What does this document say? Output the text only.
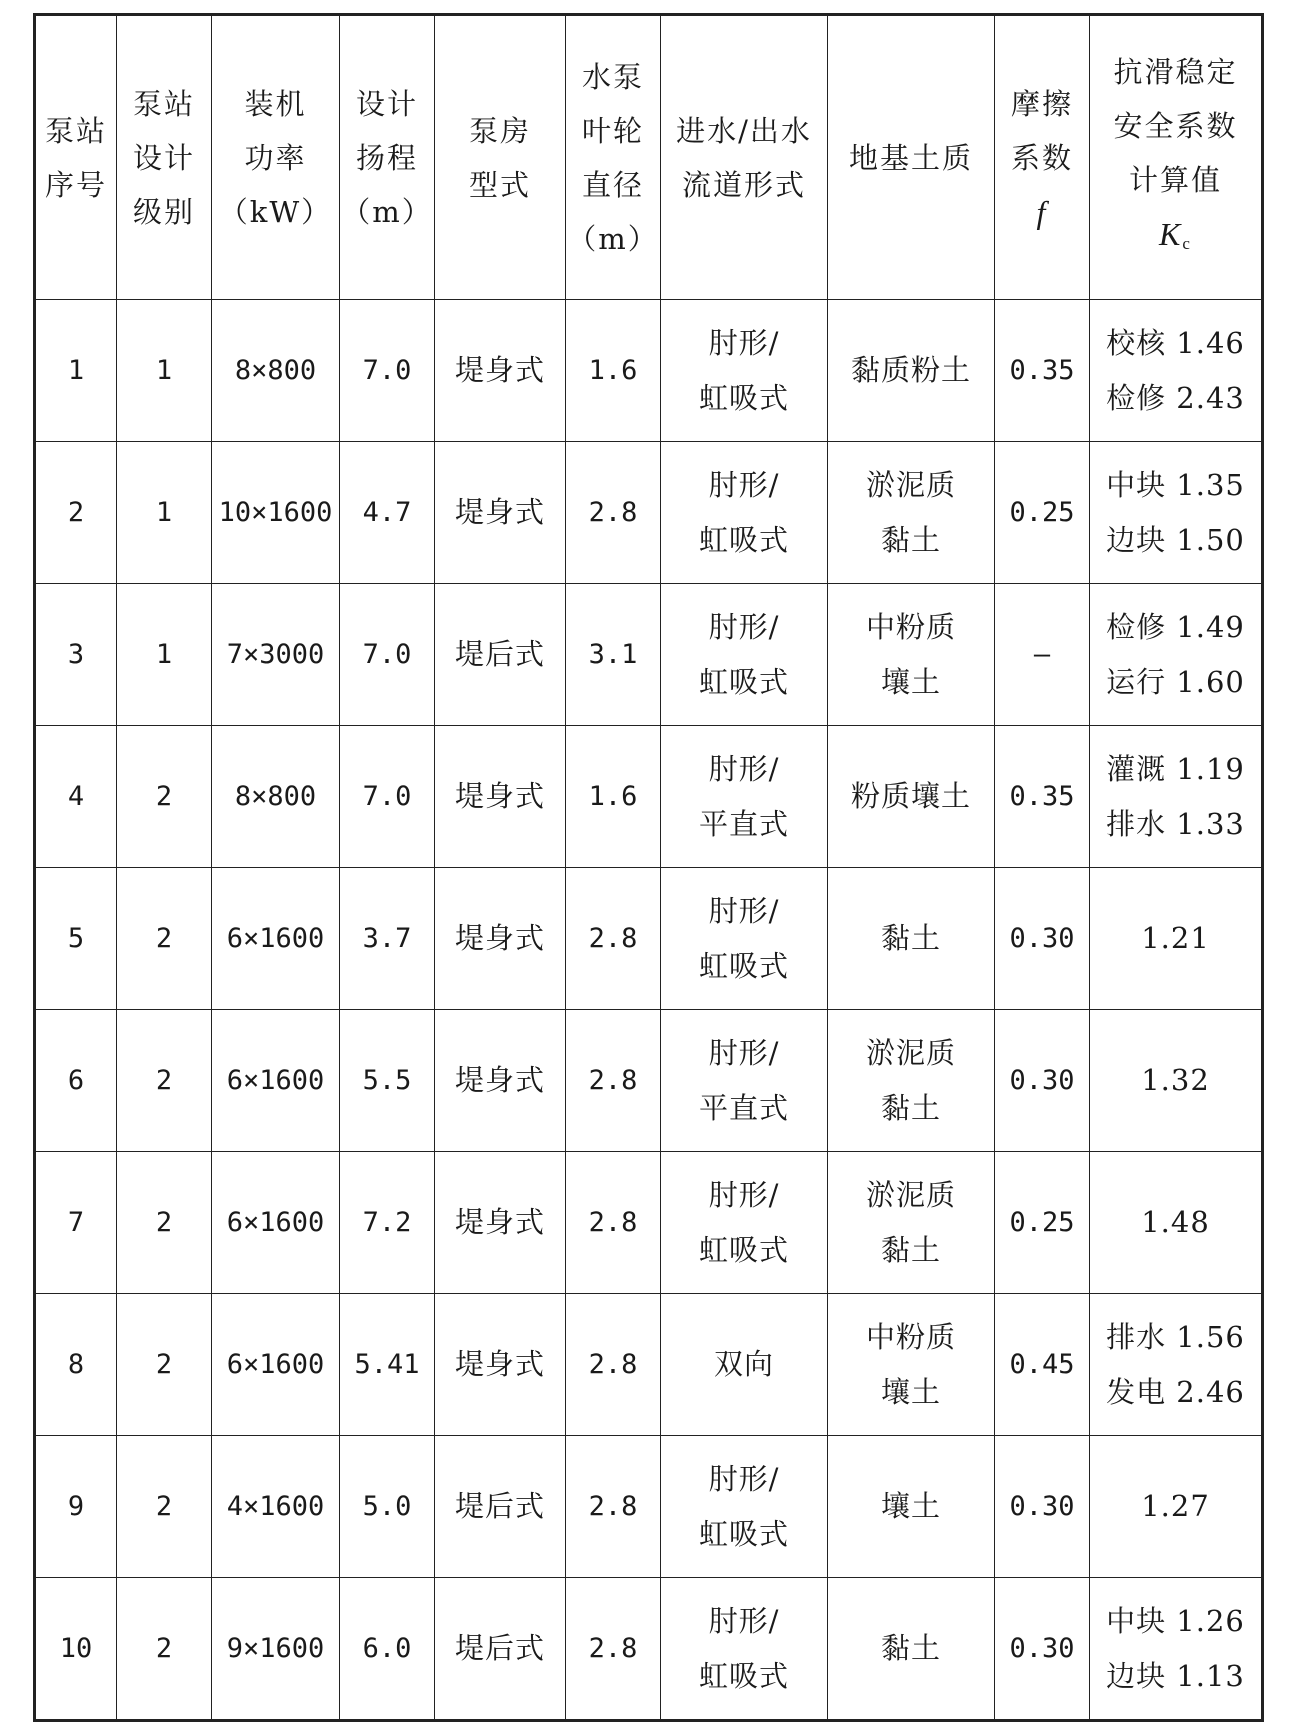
泵站
序号	泵站
设计
级别	装机
功率
（kW）	设计
扬程
（m）	泵房
型式	水泵
叶轮
直径
（m）	进水/出水
流道形式	地基土质	摩擦
系数
f	抗滑稳定
安全系数
计算值
$K_c$

1	1	8×800	7.0	堤身式	1.6	肘形/
虹吸式	黏质粉土	0.35	校核 1.46
检修 2.43

2	1	10×1600	4.7	堤身式	2.8	肘形/
虹吸式	淤泥质
黏土	0.25	中块 1.35
边块 1.50

3	1	7×3000	7.0	堤后式	3.1	肘形/
虹吸式	中粉质
壤土	—	检修 1.49
运行 1.60

4	2	8×800	7.0	堤身式	1.6	肘形/
平直式	粉质壤土	0.35	灌溉 1.19
排水 1.33

5	2	6×1600	3.7	堤身式	2.8	肘形/
虹吸式	黏土	0.30	1.21

6	2	6×1600	5.5	堤身式	2.8	肘形/
平直式	淤泥质
黏土	0.30	1.32

7	2	6×1600	7.2	堤身式	2.8	肘形/
虹吸式	淤泥质
黏土	0.25	1.48

8	2	6×1600	5.41	堤身式	2.8	双向	中粉质
壤土	0.45	排水 1.56
发电 2.46

9	2	4×1600	5.0	堤后式	2.8	肘形/
虹吸式	壤土	0.30	1.27

10	2	9×1600	6.0	堤后式	2.8	肘形/
虹吸式	黏土	0.30	中块 1.26
边块 1.13
